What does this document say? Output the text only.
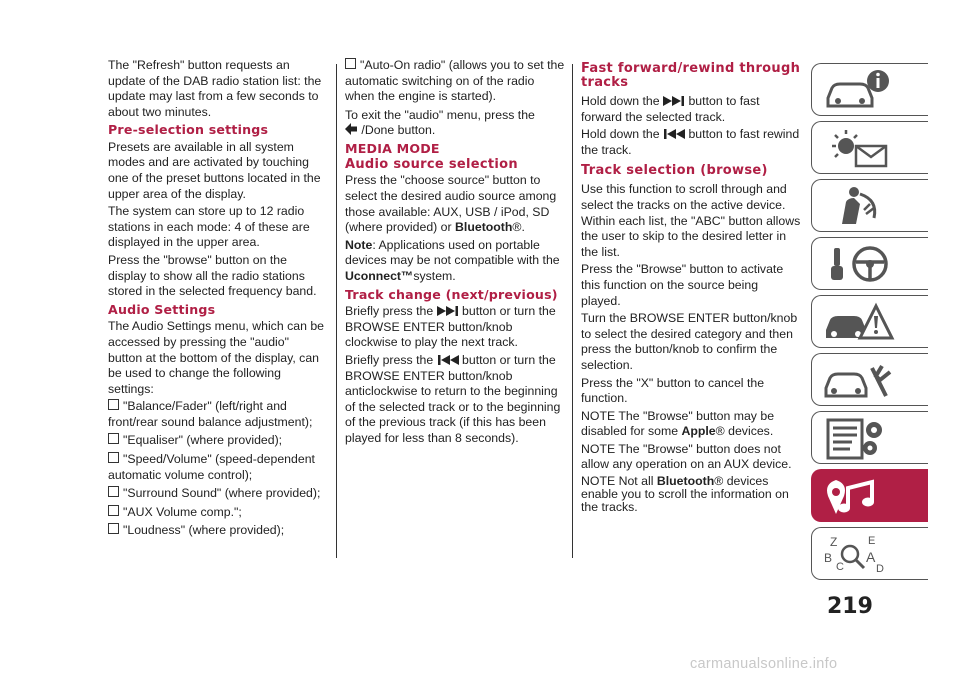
The "Refresh" button requests an update of the DAB radio station list: the update may last from a few seconds to about two minutes.

Pre-selection settings

Presets are available in all system modes and are activated by touching one of the preset buttons located in the upper area of the display.

The system can store up to 12 radio stations in each mode: 4 of these are displayed in the upper area.

Press the "browse" button on the display to show all the radio stations stored in the selected frequency band.

Audio Settings

The Audio Settings menu, which can be accessed by pressing the "audio" button at the bottom of the display, can be used to change the following settings:

"Balance/Fader" (left/right and front/rear sound balance adjustment);
"Equaliser" (where provided);
"Speed/Volume" (speed-dependent automatic volume control);
"Surround Sound" (where provided);
"AUX Volume comp.";
"Loudness" (where provided);
"Auto-On radio" (allows you to set the automatic switching on of the radio when the engine is started).

To exit the "audio" menu, press the
/Done button.

MEDIA MODE
Audio source selection

Press the "choose source" button to select the desired audio source among those available: AUX, USB / iPod, SD (where provided) or Bluetooth®.

Note: Applications used on portable devices may be not compatible with the Uconnect™system.

Track change (next/previous)

Briefly press the button or turn the BROWSE ENTER button/knob clockwise to play the next track.

Briefly press the button or turn the BROWSE ENTER button/knob anticlockwise to return to the beginning of the selected track or to the beginning of the previous track (if this has been played for less than 8 seconds).

Fast forward/rewind through tracks

Hold down the button to fast forward the selected track.

Hold down the button to fast rewind the track.

Track selection (browse)

Use this function to scroll through and select the tracks on the active device. Within each list, the "ABC" button allows the user to skip to the desired letter in the list.

Press the "Browse" button to activate this function on the source being played.

Turn the BROWSE ENTER button/knob to select the desired category and then press the button/knob to confirm the selection.

Press the "X" button to cancel the function.

NOTE The "Browse" button may be disabled for some Apple® devices.

NOTE The "Browse" button does not allow any operation on an AUX device.

NOTE Not all Bluetooth® devices enable you to scroll the information on the tracks.

Z	E
B A
C	D
219
carmanualsonline.info
